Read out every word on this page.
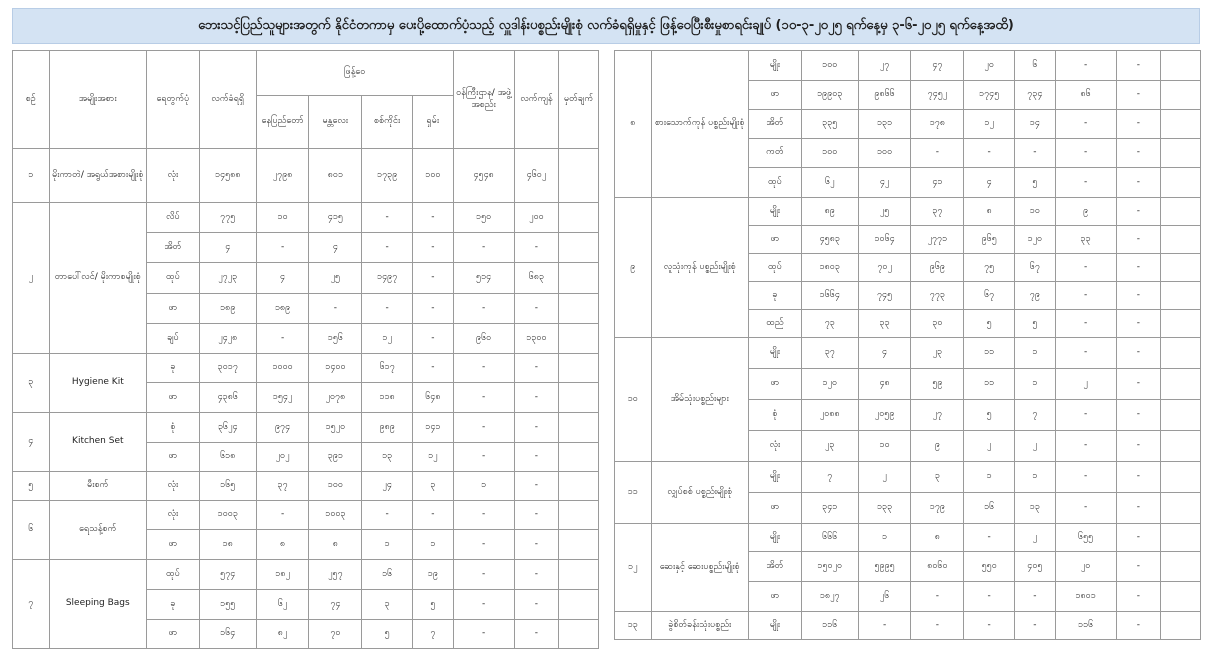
ဘေးသင့်ပြည်သူများအတွက် နိုင်ငံတကာမှ ပေးပို့ထောက်ပံ့သည့် လှူဒါန်းပစ္စည်းမျိုးစုံ လက်ခံရရှိမှုနှင့် ဖြန့်ဝေပြီးစီးမှုစာရင်းချုပ် (၁၀-၃-၂၀၂၅ ရက်နေ့မှ ၃-၆-၂၀၂၅ ရက်နေ့အထိ)
စဉ်	အမျိုးအစား	ရေတွက်ပုံ	လက်ခံရရှိ	ဖြန့်ဝေ				ဝန်ကြီးဌာန/ အဖွဲ့အစည်း	လက်ကျန်	မှတ်ချက်
				နေပြည်တော်	မန္တလေး	စစ်ကိုင်း	ရှမ်း			
၁	မိုးကာတဲ/ အရွယ်အစားမျိုးစုံ	လုံး	၁၄၅၈၈	၂၇၉၈	၈၀၁	၁၇၃၉	၁၀၀	၄၅၄၈	၄၆၀၂	
၂	တာပေါ်လင်/ မိုးကာစမျိုးစုံ	လိပ်	၇၇၅	၁၀	၄၁၅	-	-	၁၅၀	၂၀၀	
		အိတ်	၄	-	၄	-	-	-	-	
		ထုပ်	၂၇၂၃	၄	၂၅	၁၄၉၇	-	၅၁၄	၆၈၃	
		ဖာ	၁၈၉	၁၈၉	-	-	-	-	-	
		ချပ်	၂၄၂၈	-	၁၅၆	၁၂	-	၉၆၀	၁၃၀၀	
၃	Hygiene Kit	ခု	၃၀၁၇	၁၀၀၀	၁၄၀၀	၆၁၇	-	-	-	
		ဖာ	၄၃၈၆	၁၅၄၂	၂၀၇၈	၁၁၈	၆၄၈	-	-	
၄	Kitchen Set	စုံ	၃၆၂၄	၉၇၄	၁၅၂၀	၉၈၉	၁၄၁	-	-	
		ဖာ	၆၁၈	၂၀၂	၃၉၁	၁၃	၁၂	-	-	
၅	မီးစက်	လုံး	၁၆၅	၃၇	၁၀၀	၂၄	၃	၁	-	
၆	ရေသန့်စက်	လုံး	၁၀၀၃	-	၁၀၀၃	-	-	-	-	
		ဖာ	၁၈	၈	၈	၁	၁	-	-	
၇	Sleeping Bags	ထုပ်	၅၇၄	၁၈၂	၂၅၇	၁၆	၁၉	-	-	
		ခု	၁၅၅	၆၂	၇၄	၃	၅	-	-	
		ဖာ	၁၆၄	၈၂	၇၀	၅	၇	-	-	
၈	စားသောက်ကုန် ပစ္စည်းမျိုးစုံ	မျိုး	၁၀၀	၂၇	၄၇	၂၀	၆	-	-	
		ဖာ	၁၉၉၀၃	၉၈၆၆	၇၄၅၂	၁၇၄၅	၇၃၄	၈၆	-	
		အိတ်	၃၃၅	၁၃၁	၁၇၈	၁၂	၁၄	-	-	
		ကတ်	၁၀၀	၁၀၀	-	-	-	-	-	
		ထုပ်	၆၂	၄၂	၄၁	၄	၅	-	-	
၉	လူသုံးကုန် ပစ္စည်းမျိုးစုံ	မျိုး	၈၉	၂၅	၃၇	၈	၁၀	၉	-	
		ဖာ	၄၅၈၃	၁၀၆၄	၂၇၇၁	၉၆၅	၁၂၀	၃၃	-	
		ထုပ်	၁၈၀၃	၇၀၂	၉၆၉	၇၅	၆၇	-	-	
		ခု	၁၆၆၄	၇၄၅	၇၇၃	၆၇	၇၉	-	-	
		ထည်	၇၃	၃၃	၃၀	၅	၅	-	-	
၁၀	အိမ်သုံးပစ္စည်းများ	မျိုး	၃၇	၄	၂၃	၁၁	၁	-	-	
		ဖာ	၁၂၀	၄၈	၅၉	၁၁	၁	၂	-	
		စုံ	၂၀၈၈	၂၀၅၉	၂၇	၅	၇	-	-	
		လုံး	၂၃	၁၀	၉	၂	၂	-	-	
၁၁	လျှပ်စစ် ပစ္စည်းမျိုးစုံ	မျိုး	၇	၂	၃	၁	၁	-	-	
		ဖာ	၃၄၁	၁၃၃	၁၇၉	၁၆	၁၃	-	-	
၁၂	ဆေးနှင့် ဆေးပစ္စည်းမျိုးစုံ	မျိုး	၆၆၆	၁	၈	-	၂	၆၅၅	-	
		အိတ်	၁၅၀၂၀	၅၉၉၅	၈၀၆၀	၅၅၀	၄၀၅	၂၀	-	
		ဖာ	၁၈၂၇	၂၆	-	-	-	၁၈၀၁	-	
၁၃	ခွဲစိတ်ခန်းသုံးပစ္စည်း	မျိုး	၁၁၆	-	-	-	-	၁၁၆	-	
